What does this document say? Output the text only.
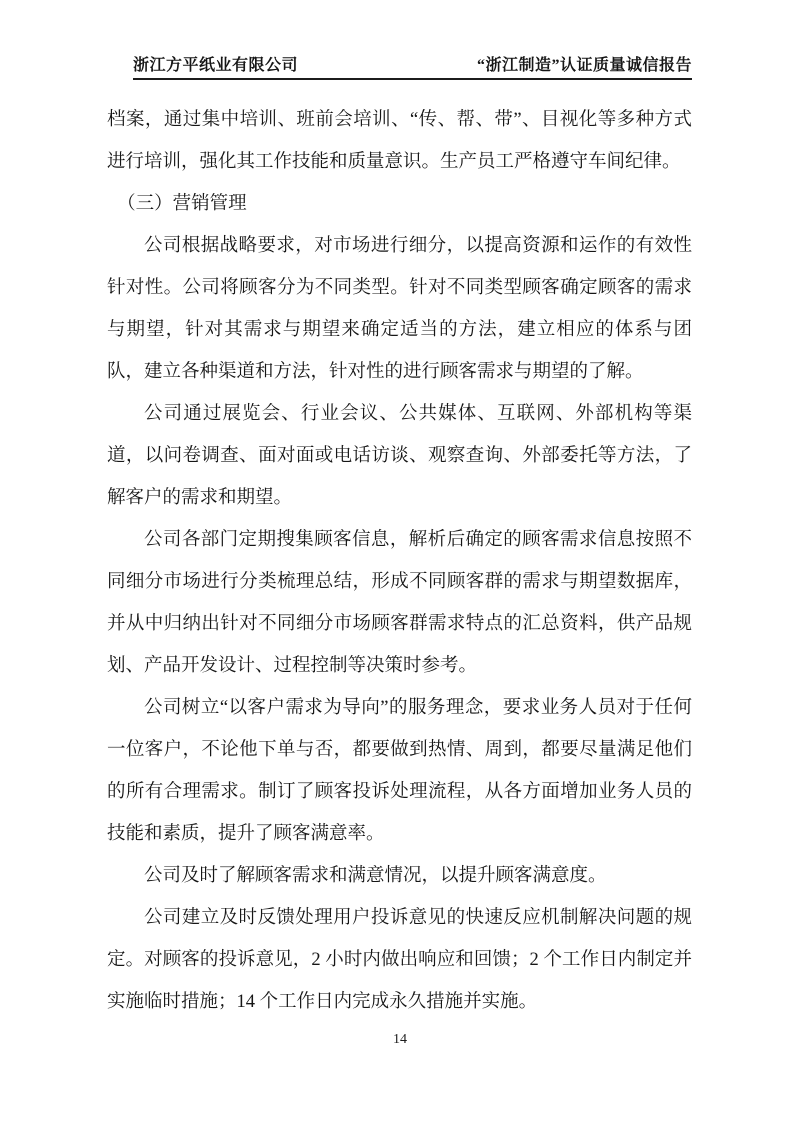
浙江方平纸业有限公司	“浙江制造”认证质量诚信报告

档案，通过集中培训、班前会培训、“传、帮、带”、目视化等多种方式进行培训，强化其工作技能和质量意识。生产员工严格遵守车间纪律。

（三）营销管理

公司根据战略要求，对市场进行细分，以提高资源和运作的有效性针对性。公司将顾客分为不同类型。针对不同类型顾客确定顾客的需求与期望，针对其需求与期望来确定适当的方法，建立相应的体系与团队，建立各种渠道和方法，针对性的进行顾客需求与期望的了解。

公司通过展览会、行业会议、公共媒体、互联网、外部机构等渠道，以问卷调查、面对面或电话访谈、观察查询、外部委托等方法，了解客户的需求和期望。

公司各部门定期搜集顾客信息，解析后确定的顾客需求信息按照不同细分市场进行分类梳理总结，形成不同顾客群的需求与期望数据库，并从中归纳出针对不同细分市场顾客群需求特点的汇总资料，供产品规划、产品开发设计、过程控制等决策时参考。

公司树立“以客户需求为导向”的服务理念，要求业务人员对于任何一位客户，不论他下单与否，都要做到热情、周到，都要尽量满足他们的所有合理需求。制订了顾客投诉处理流程，从各方面增加业务人员的技能和素质，提升了顾客满意率。

公司及时了解顾客需求和满意情况，以提升顾客满意度。

公司建立及时反馈处理用户投诉意见的快速反应机制解决问题的规定。对顾客的投诉意见，2 小时内做出响应和回馈；2 个工作日内制定并实施临时措施；14 个工作日内完成永久措施并实施。

14
